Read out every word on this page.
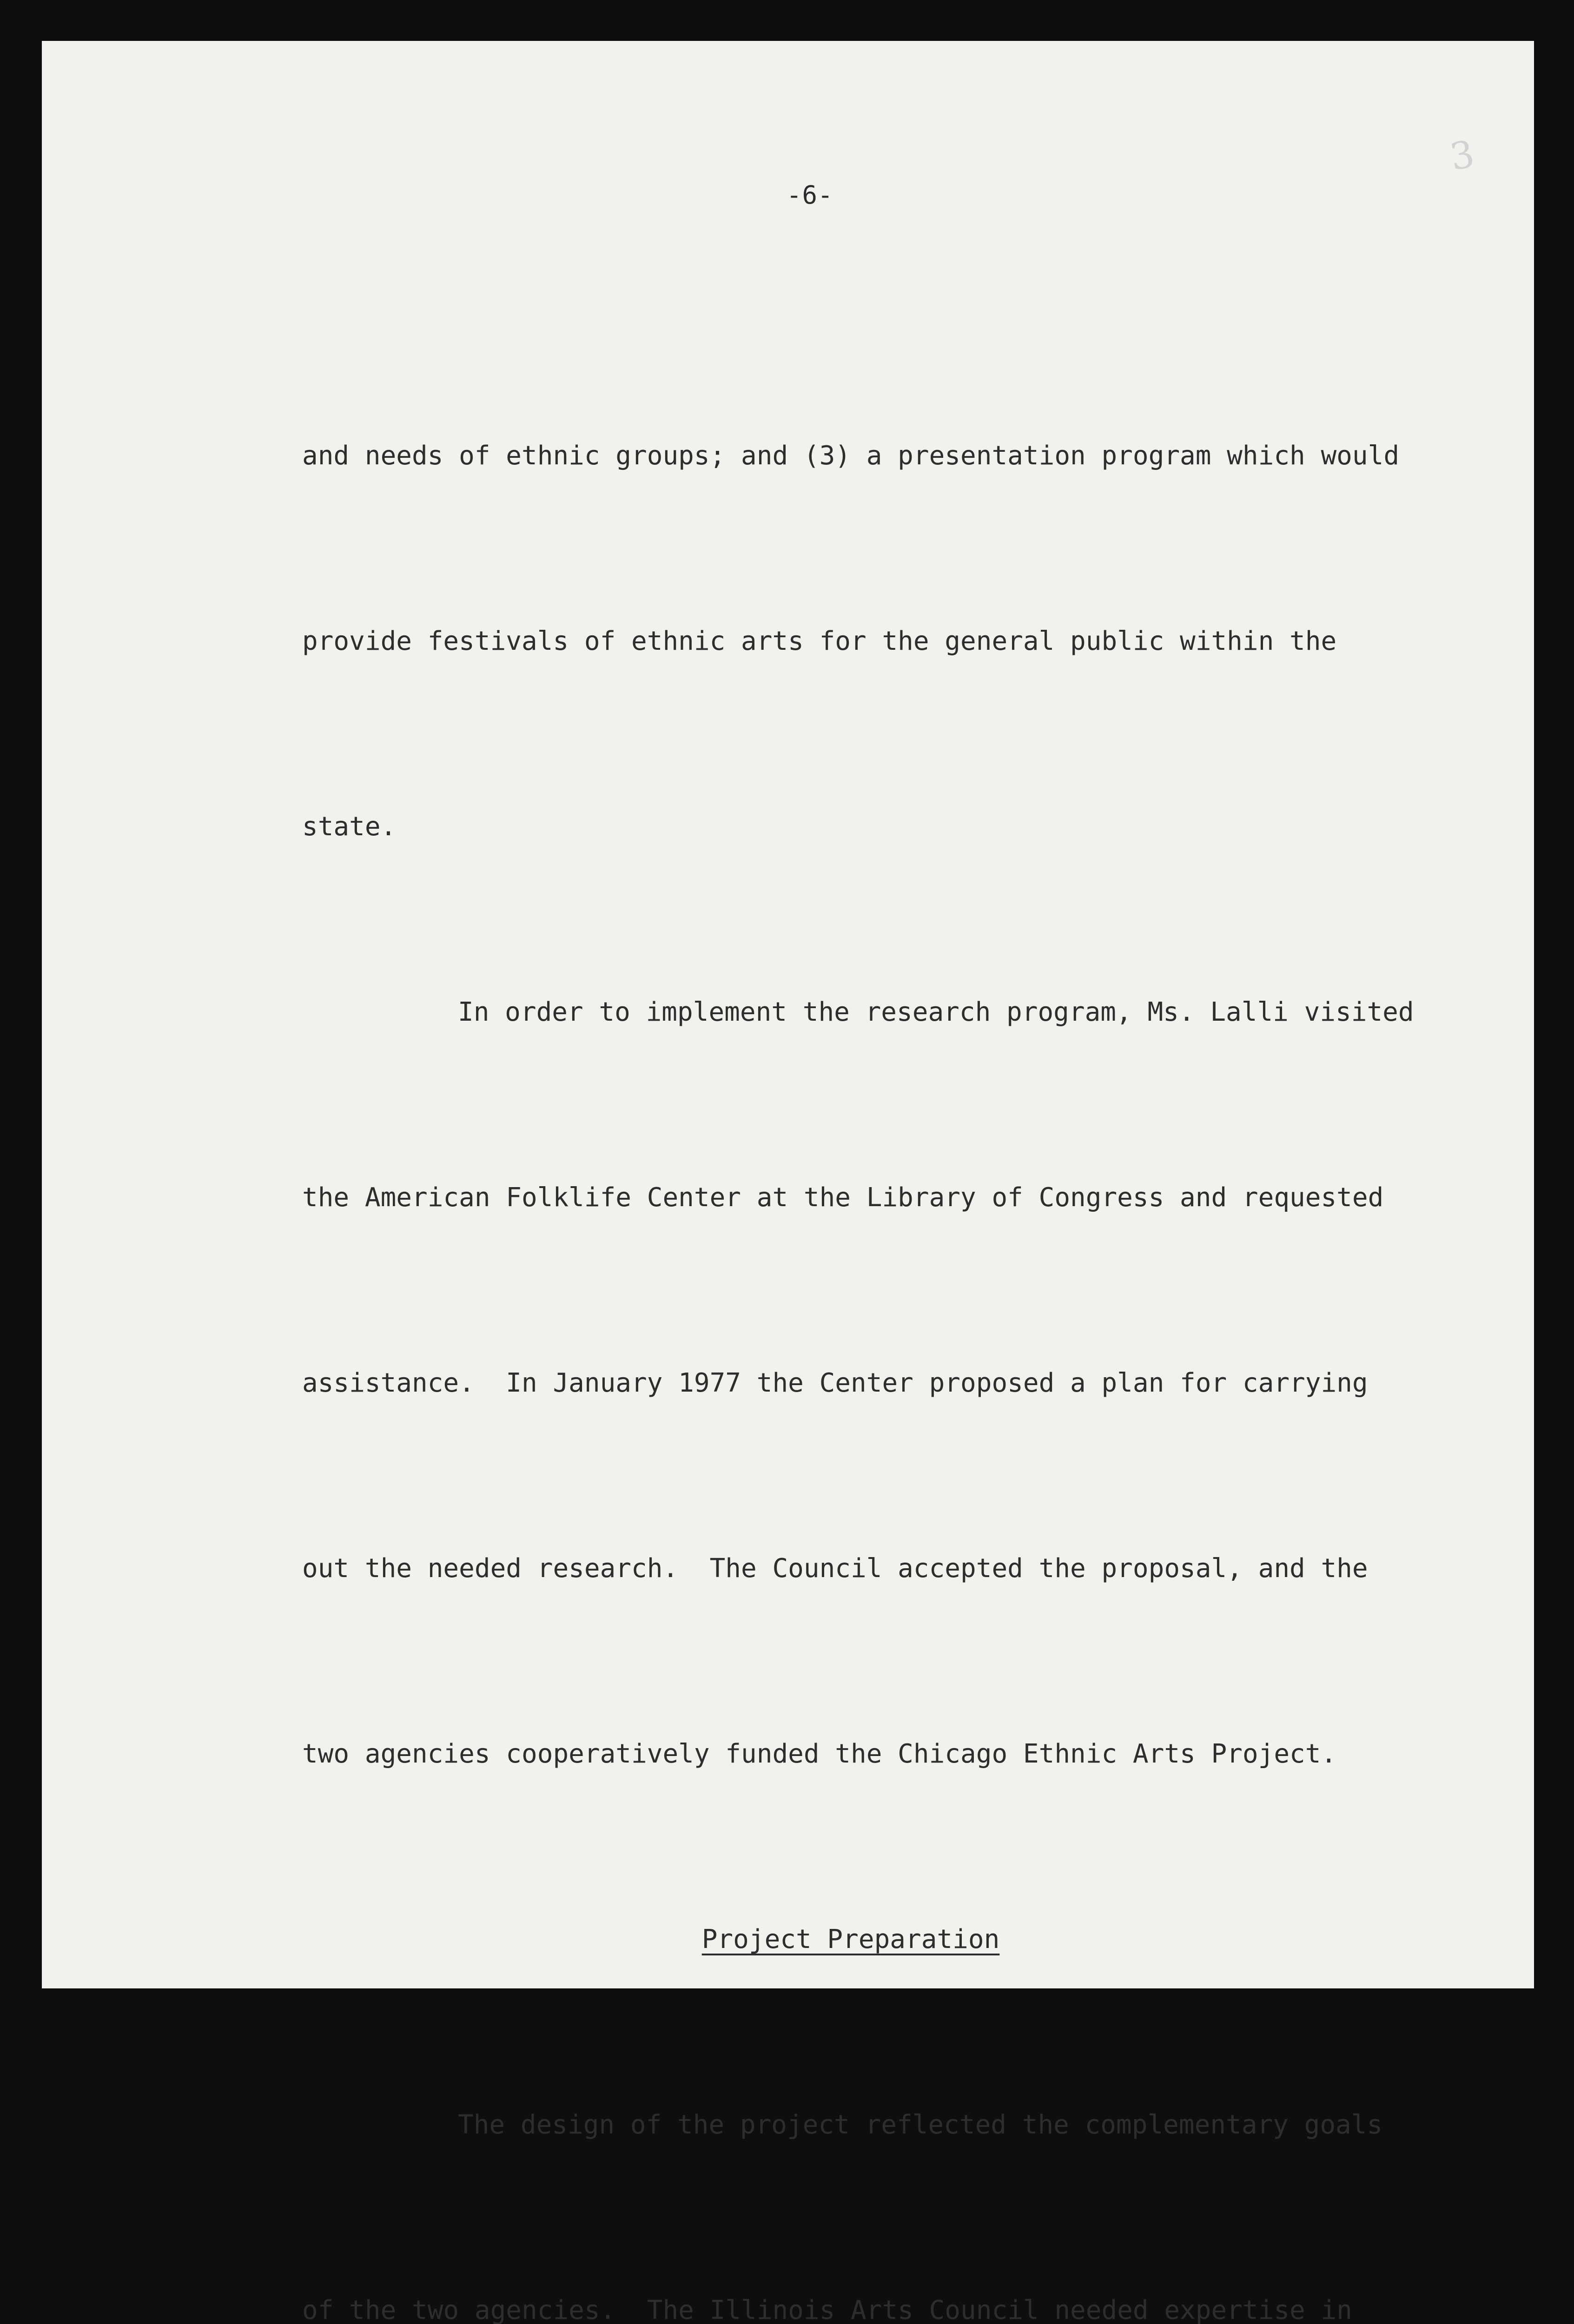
3
-6-

and needs of ethnic groups; and (3) a presentation program which would

provide festivals of ethnic arts for the general public within the

state.

In order to implement the research program, Ms. Lalli visited

the American Folklife Center at the Library of Congress and requested

assistance.  In January 1977 the Center proposed a plan for carrying

out the needed research.  The Council accepted the proposal, and the

two agencies cooperatively funded the Chicago Ethnic Arts Project.

Project Preparation

The design of the project reflected the complementary goals

of the two agencies.  The Illinois Arts Council needed expertise in
